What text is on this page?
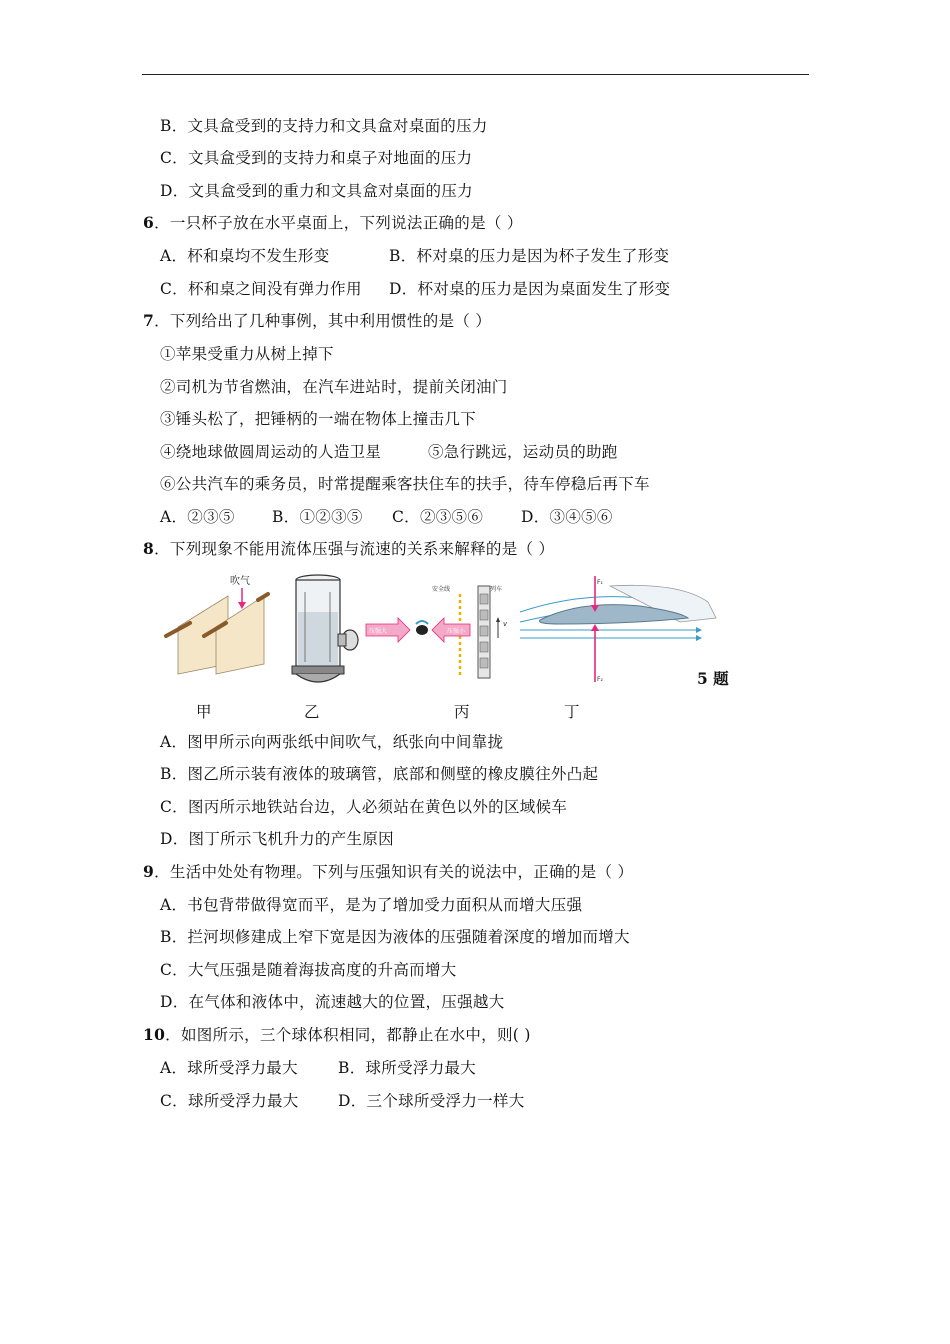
B．文具盒受到的支持力和文具盒对桌面的压力
C．文具盒受到的支持力和桌子对地面的压力
D．文具盒受到的重力和文具盒对桌面的压力
6．一只杯子放在水平桌面上，下列说法正确的是（ ）
A．杯和桌均不发生形变	B．杯对桌的压力是因为杯子发生了形变
C．杯和桌之间没有弹力作用 D．杯对桌的压力是因为桌面发生了形变
7．下列给出了几种事例，其中利用惯性的是（ ）
①苹果受重力从树上掉下
②司机为节省燃油，在汽车进站时，提前关闭油门
③锤头松了，把锤柄的一端在物体上撞击几下
④绕地球做圆周运动的人造卫星	⑤急行跳远，运动员的助跑
⑥公共汽车的乘务员，时常提醒乘客扶住车的扶手，待车停稳后再下车
A．②③⑤ B．①②③⑤ C．②③⑤⑥ D．③④⑤⑥
8．下列现象不能用流体压强与流速的关系来解释的是（ ）
吹气
安全线	列车
v
压强大	压强小
F₁
F₂	5 题
甲	乙	丙	丁
A．图甲所示向两张纸中间吹气，纸张向中间靠拢
B．图乙所示装有液体的玻璃管，底部和侧壁的橡皮膜往外凸起
C．图丙所示地铁站台边，人必须站在黄色以外的区域候车
D．图丁所示飞机升力的产生原因
9．生活中处处有物理。下列与压强知识有关的说法中，正确的是（ ）
A．书包背带做得宽而平，是为了增加受力面积从而增大压强
B．拦河坝修建成上窄下宽是因为液体的压强随着深度的增加而增大
C．大气压强是随着海拔高度的升高而增大
D．在气体和液体中，流速越大的位置，压强越大
10．如图所示，三个球体积相同，都静止在水中，则( )
A．球所受浮力最大	B．球所受浮力最大
C．球所受浮力最大	D．三个球所受浮力一样大
